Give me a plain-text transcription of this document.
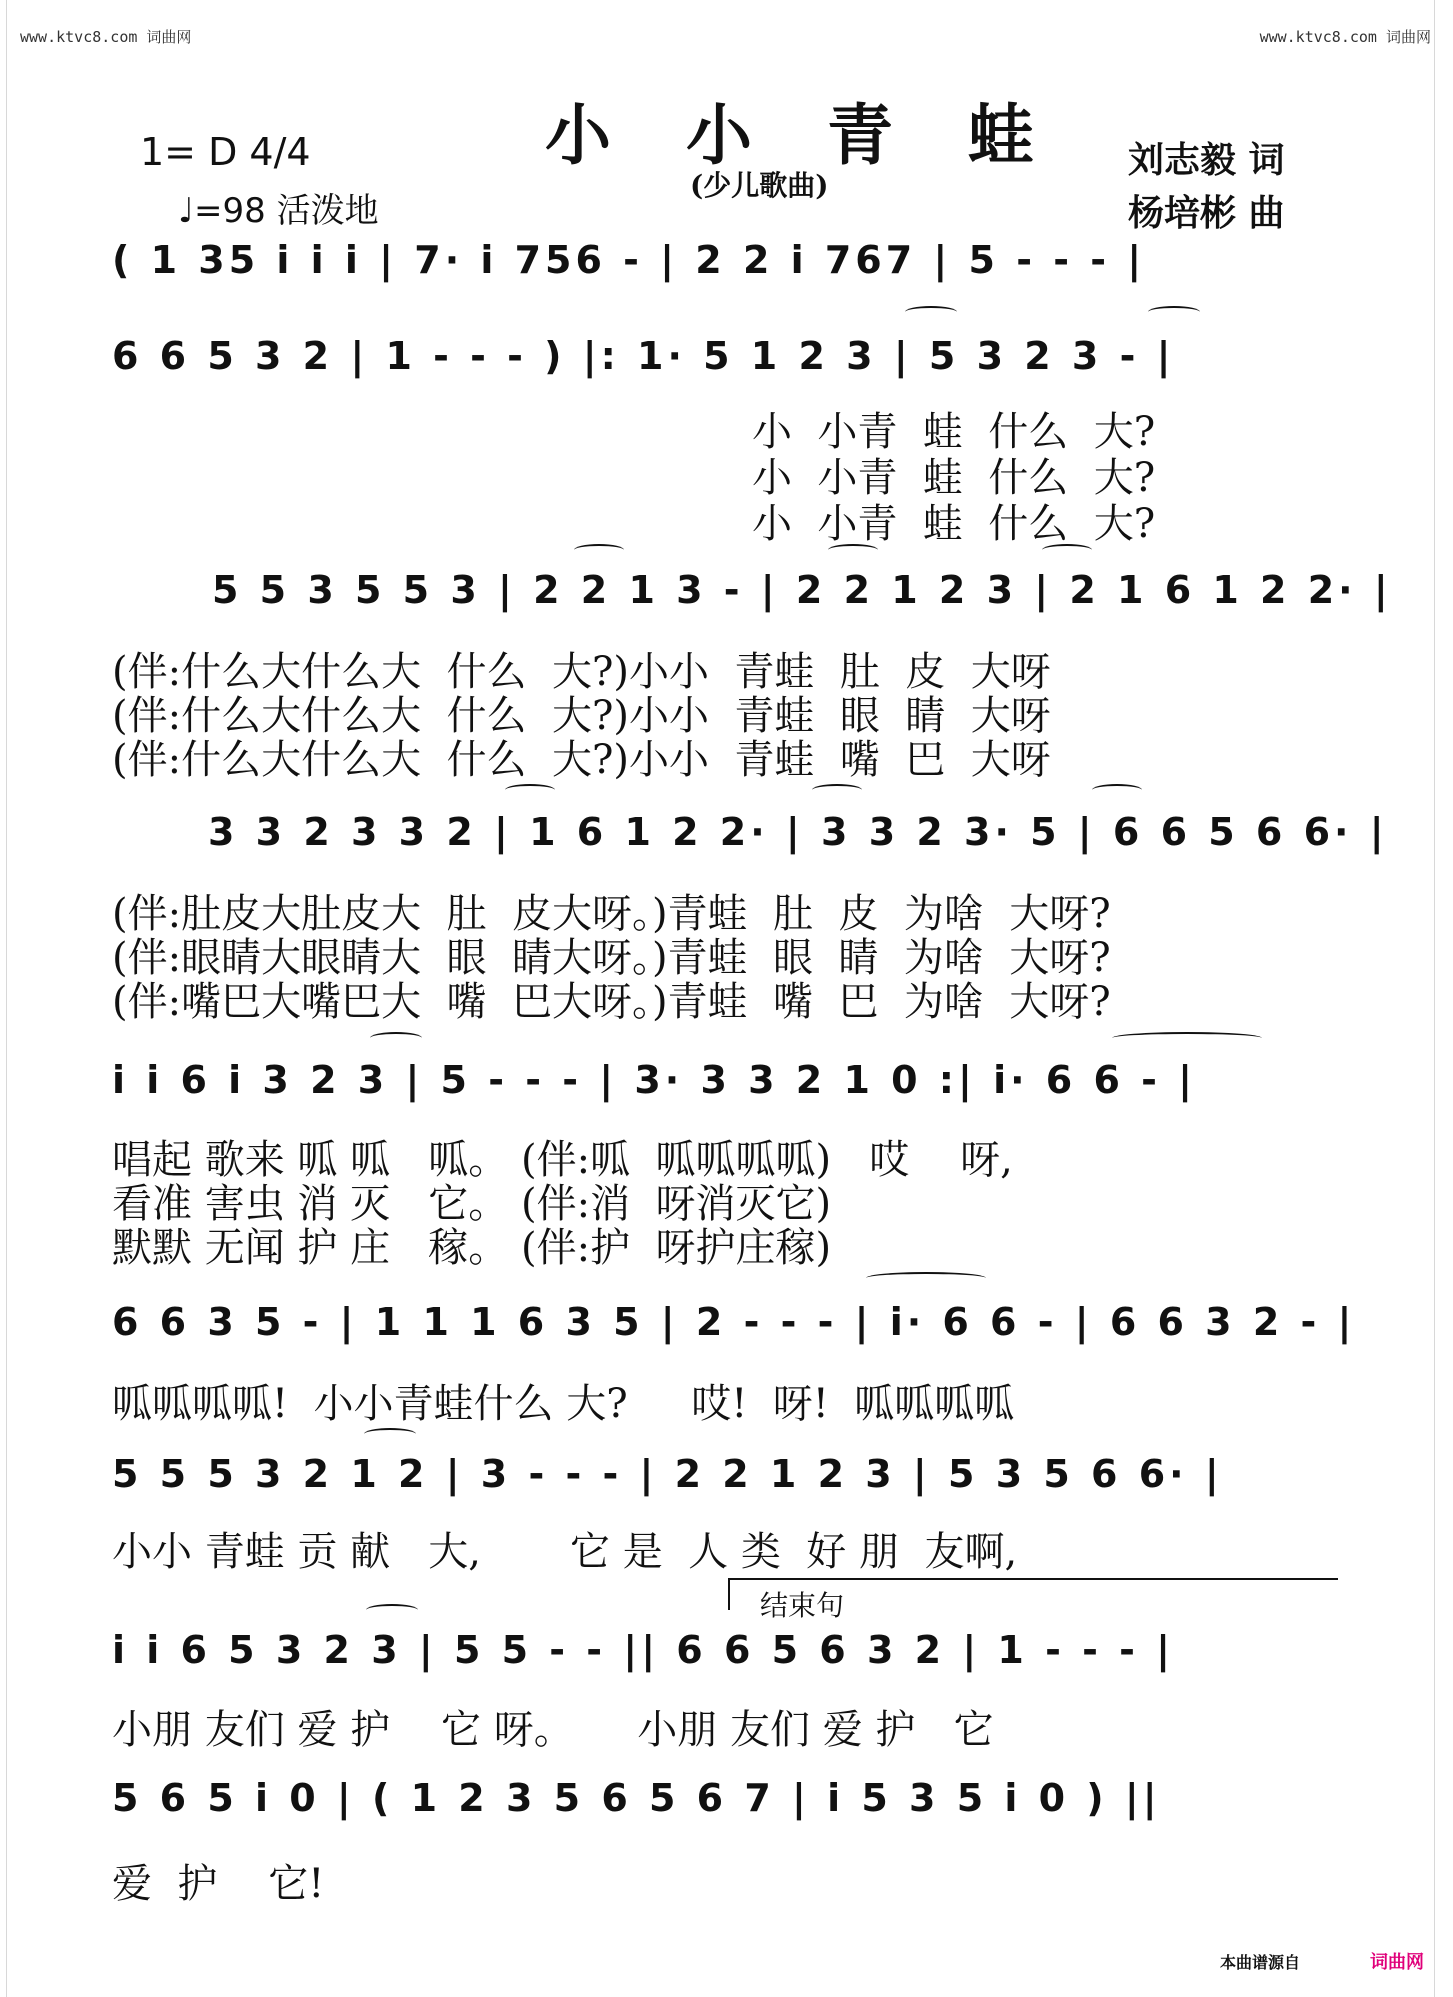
www.ktvc8.com 词曲网	www.ktvc8.com 词曲网
小 小 青 蛙
(少儿歌曲)
1= D 4/4
♩=98 活泼地
刘志毅 词
杨培彬 曲
( 1 35 i i i | 7· i 756 - | 2 2 i 767 | 5 - - - |
6 6 5 3 2 | 1 - - - ) |: 1· 5 1 2 3 | 5 3 2 3 - |
小  小青  蛙  什么  大?
小  小青  蛙  什么  大?
小  小青  蛙  什么  大?
5 5 3 5 5 3 | 2 2 1 3 - | 2 2 1 2 3 | 2 1 6 1 2 2· |
(伴:什么大什么大  什么  大?)小小  青蛙  肚  皮  大呀
(伴:什么大什么大  什么  大?)小小  青蛙  眼  睛  大呀
(伴:什么大什么大  什么  大?)小小  青蛙  嘴  巴  大呀
3 3 2 3 3 2 | 1 6 1 2 2· | 3 3 2 3· 5 | 6 6 5 6 6· |
(伴:肚皮大肚皮大  肚  皮大呀。)青蛙  肚  皮  为啥  大呀?
(伴:眼睛大眼睛大  眼  睛大呀。)青蛙  眼  睛  为啥  大呀?
(伴:嘴巴大嘴巴大  嘴  巴大呀。)青蛙  嘴  巴  为啥  大呀?
i i 6 i 3 2 3 | 5 - - - | 3· 3 3 2 1 0 :| i· 6 6 - |
唱起 歌来 呱 呱   呱。 (伴:呱  呱呱呱呱)   哎    呀,
看准 害虫 消 灭   它。 (伴:消  呀消灭它)
默默 无闻 护 庄   稼。 (伴:护  呀护庄稼)
6 6 3 5 - | 1 1 1 6 3 5 | 2 - - - | i· 6 6 - | 6 6 3 2 - |
呱呱呱呱!  小小青蛙什么 大?     哎!  呀!  呱呱呱呱
5 5 5 3 2 1 2 | 3 - - - | 2 2 1 2 3 | 5 3 5 6 6· |
小小 青蛙 贡 献   大,       它 是  人 类  好 朋  友啊,
结束句
i i 6 5 3 2 3 | 5 5 - - || 6 6 5 6 3 2 | 1 - - - |
小朋 友们 爱 护    它 呀。     小朋 友们 爱 护   它
5 6 5 i 0 | ( 1 2 3 5 6 5 6 7 | i 5 3 5 i 0 ) ||
爱  护    它!
本曲谱源自	词曲网
